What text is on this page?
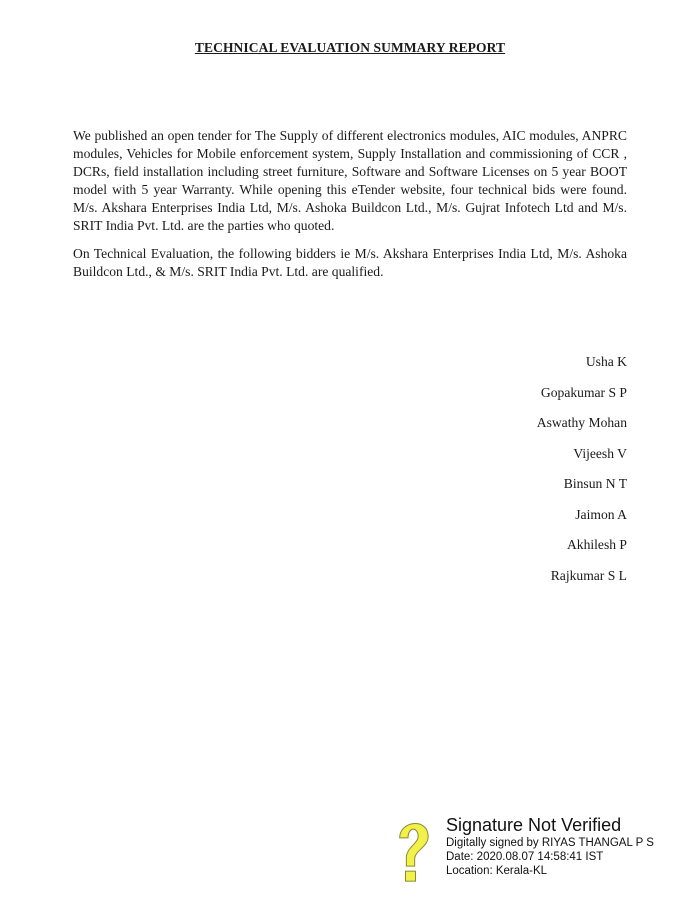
TECHNICAL EVALUATION SUMMARY REPORT

We published an open tender for The Supply of different electronics modules, AIC modules, ANPRC modules, Vehicles for Mobile enforcement system, Supply Installation and commissioning of CCR , DCRs, field installation including street furniture, Software and Software Licenses on 5 year BOOT model with 5 year Warranty. While opening this eTender website, four technical bids were found. M/s. Akshara Enterprises India Ltd, M/s. Ashoka Buildcon Ltd., M/s. Gujrat Infotech Ltd and M/s. SRIT India Pvt. Ltd. are the parties who quoted.

On Technical Evaluation, the following bidders ie M/s. Akshara Enterprises India Ltd, M/s. Ashoka Buildcon Ltd., & M/s. SRIT India Pvt. Ltd. are qualified.

Usha K
Gopakumar S P
Aswathy Mohan
Vijeesh V
Binsun N T
Jaimon A
Akhilesh P
Rajkumar S L
Signature Not Verified
Digitally signed by RIYAS THANGAL P S
Date: 2020.08.07 14:58:41 IST
Location: Kerala-KL
